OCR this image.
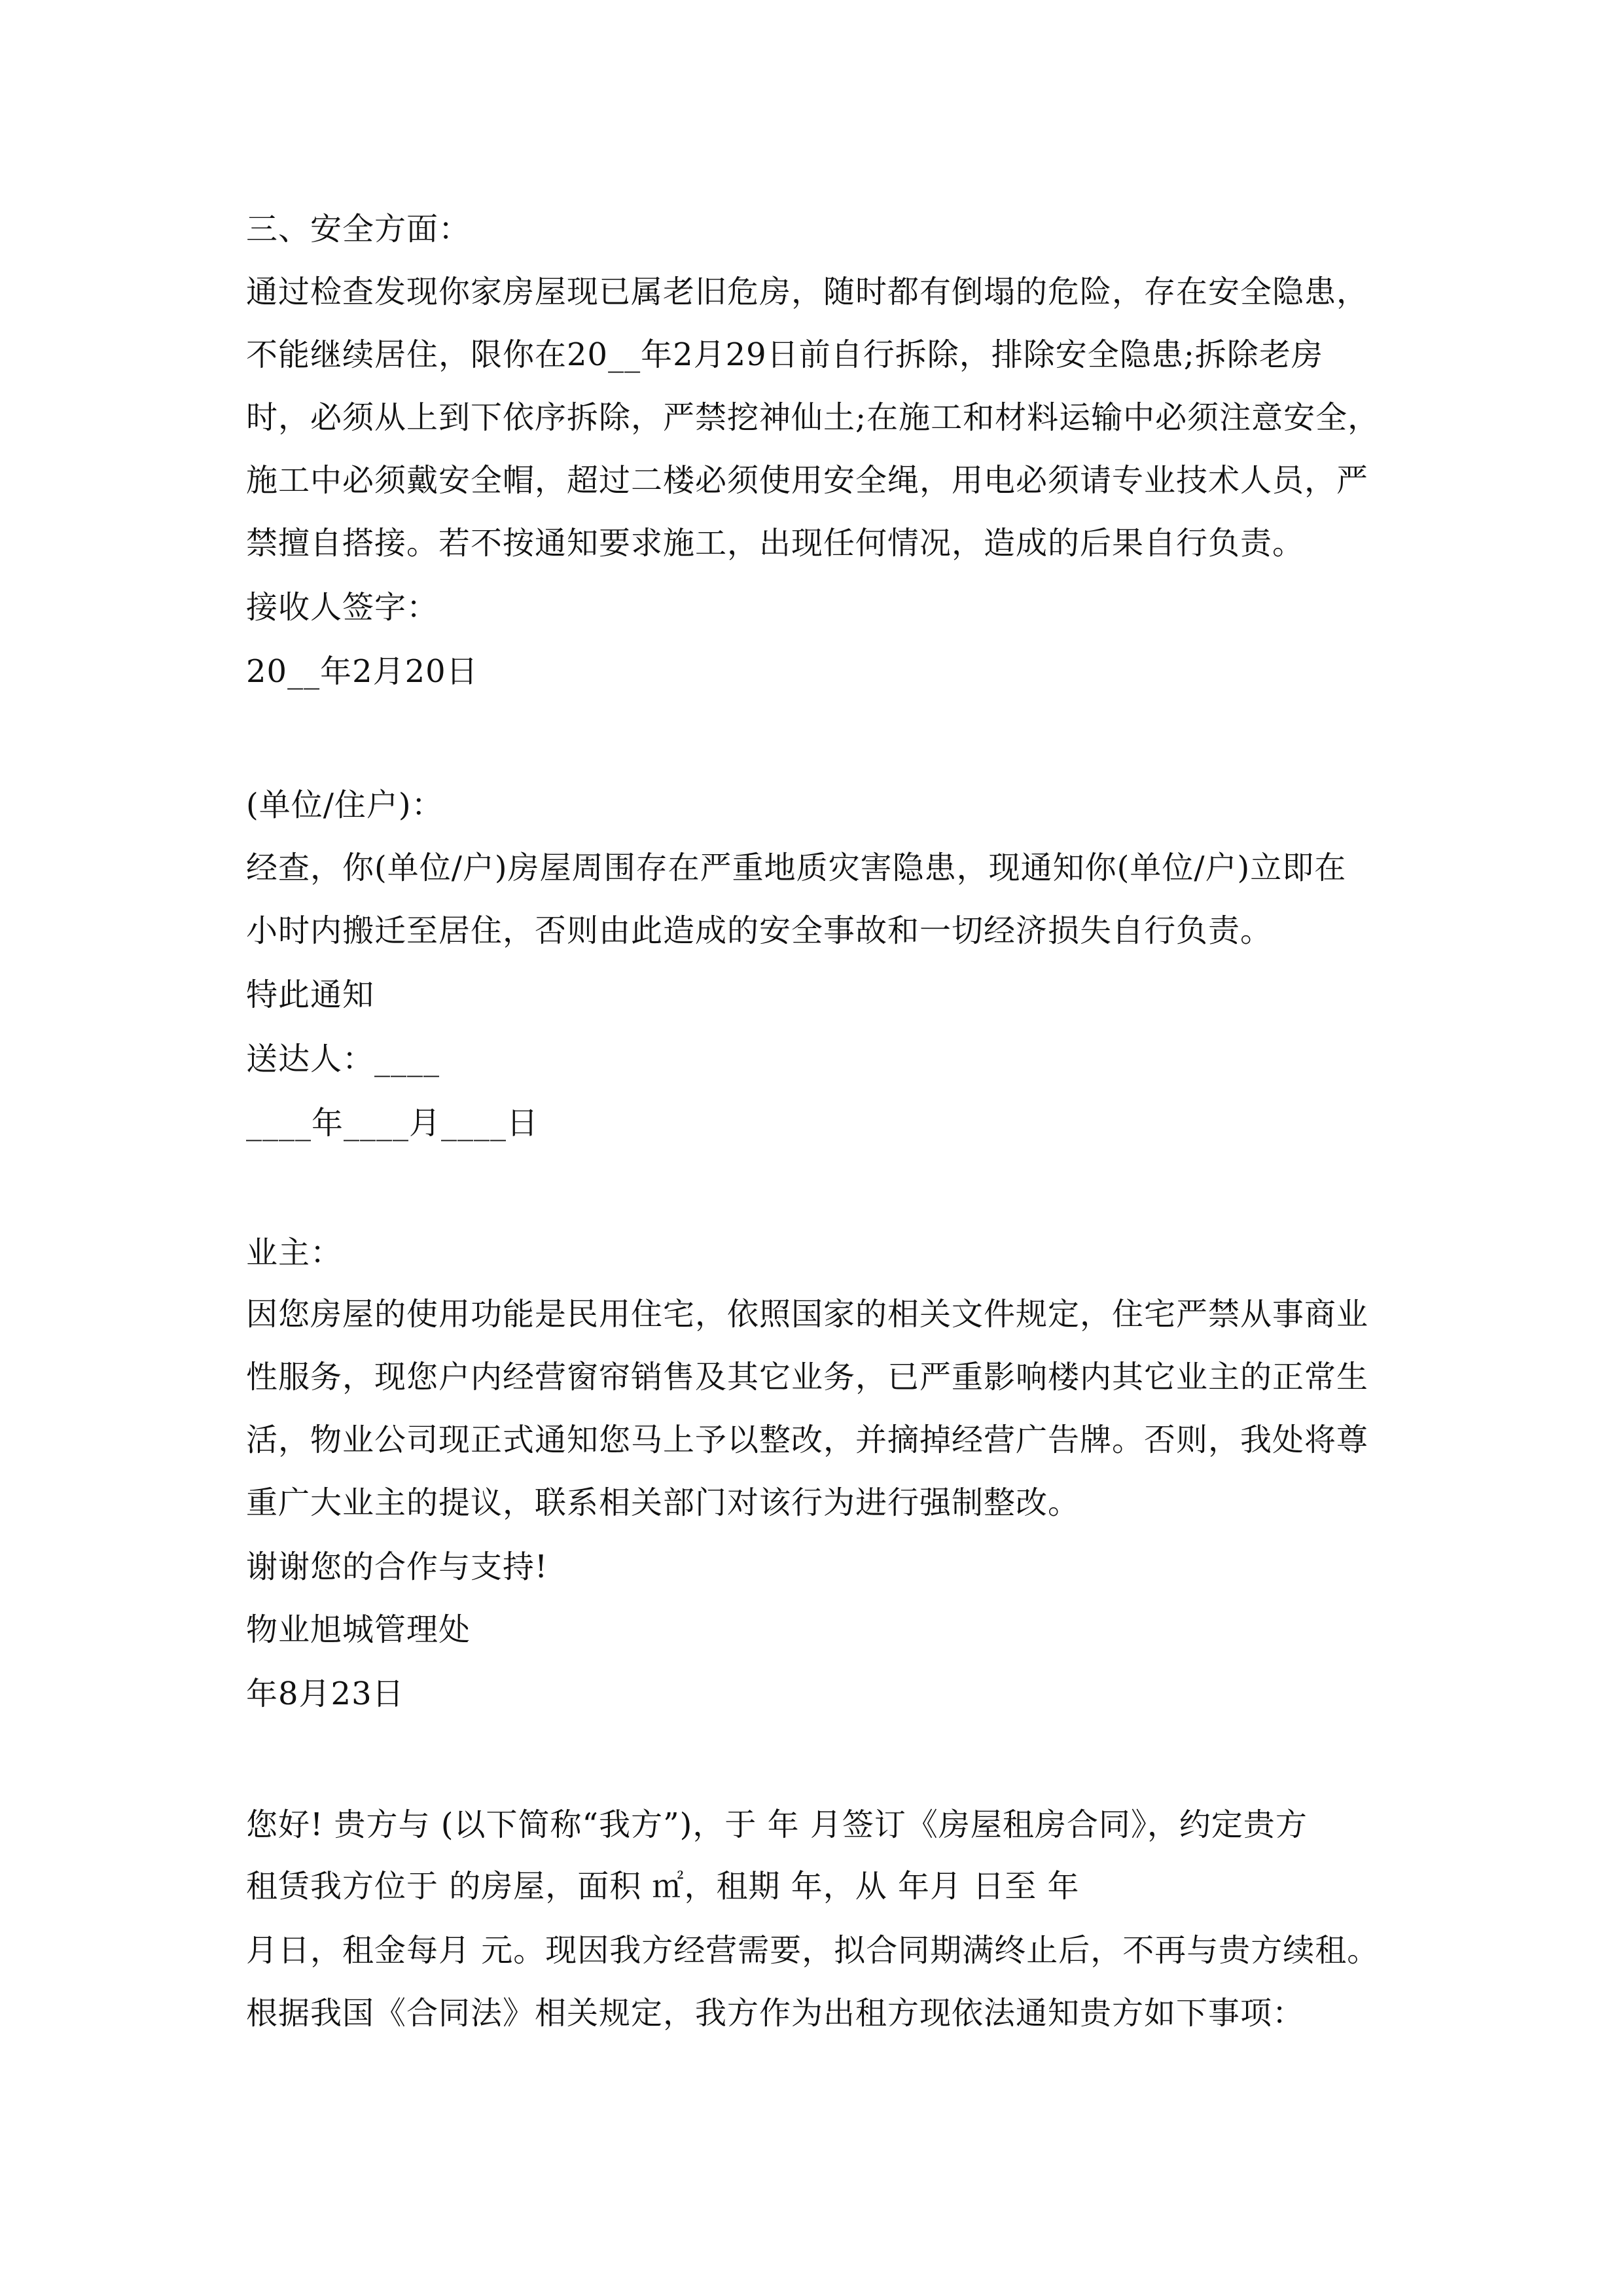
三、安全方面：
通过检查发现你家房屋现已属老旧危房，随时都有倒塌的危险，存在安全隐患，
不能继续居住，限你在20__年2月29日前自行拆除，排除安全隐患;拆除老房
时，必须从上到下依序拆除，严禁挖神仙土;在施工和材料运输中必须注意安全，
施工中必须戴安全帽，超过二楼必须使用安全绳，用电必须请专业技术人员，严
禁擅自搭接。若不按通知要求施工，出现任何情况，造成的后果自行负责。
接收人签字：
20__年2月20日
(单位/住户)：
经查，你(单位/户)房屋周围存在严重地质灾害隐患，现通知你(单位/户)立即在
小时内搬迁至居住，否则由此造成的安全事故和一切经济损失自行负责。
特此通知
送达人：____
____年____月____日
业主：
因您房屋的使用功能是民用住宅，依照国家的相关文件规定，住宅严禁从事商业
性服务，现您户内经营窗帘销售及其它业务，已严重影响楼内其它业主的正常生
活，物业公司现正式通知您马上予以整改，并摘掉经营广告牌。否则，我处将尊
重广大业主的提议，联系相关部门对该行为进行强制整改。
谢谢您的合作与支持!
物业旭城管理处
年8月23日
您好! 贵方与 (以下简称“我方”)，于 年 月签订《房屋租房合同》，约定贵方
租赁我方位于 的房屋，面积 ㎡，租期 年，从 年月 日至 年
月日，租金每月 元。现因我方经营需要，拟合同期满终止后，不再与贵方续租。
根据我国《合同法》相关规定，我方作为出租方现依法通知贵方如下事项：
